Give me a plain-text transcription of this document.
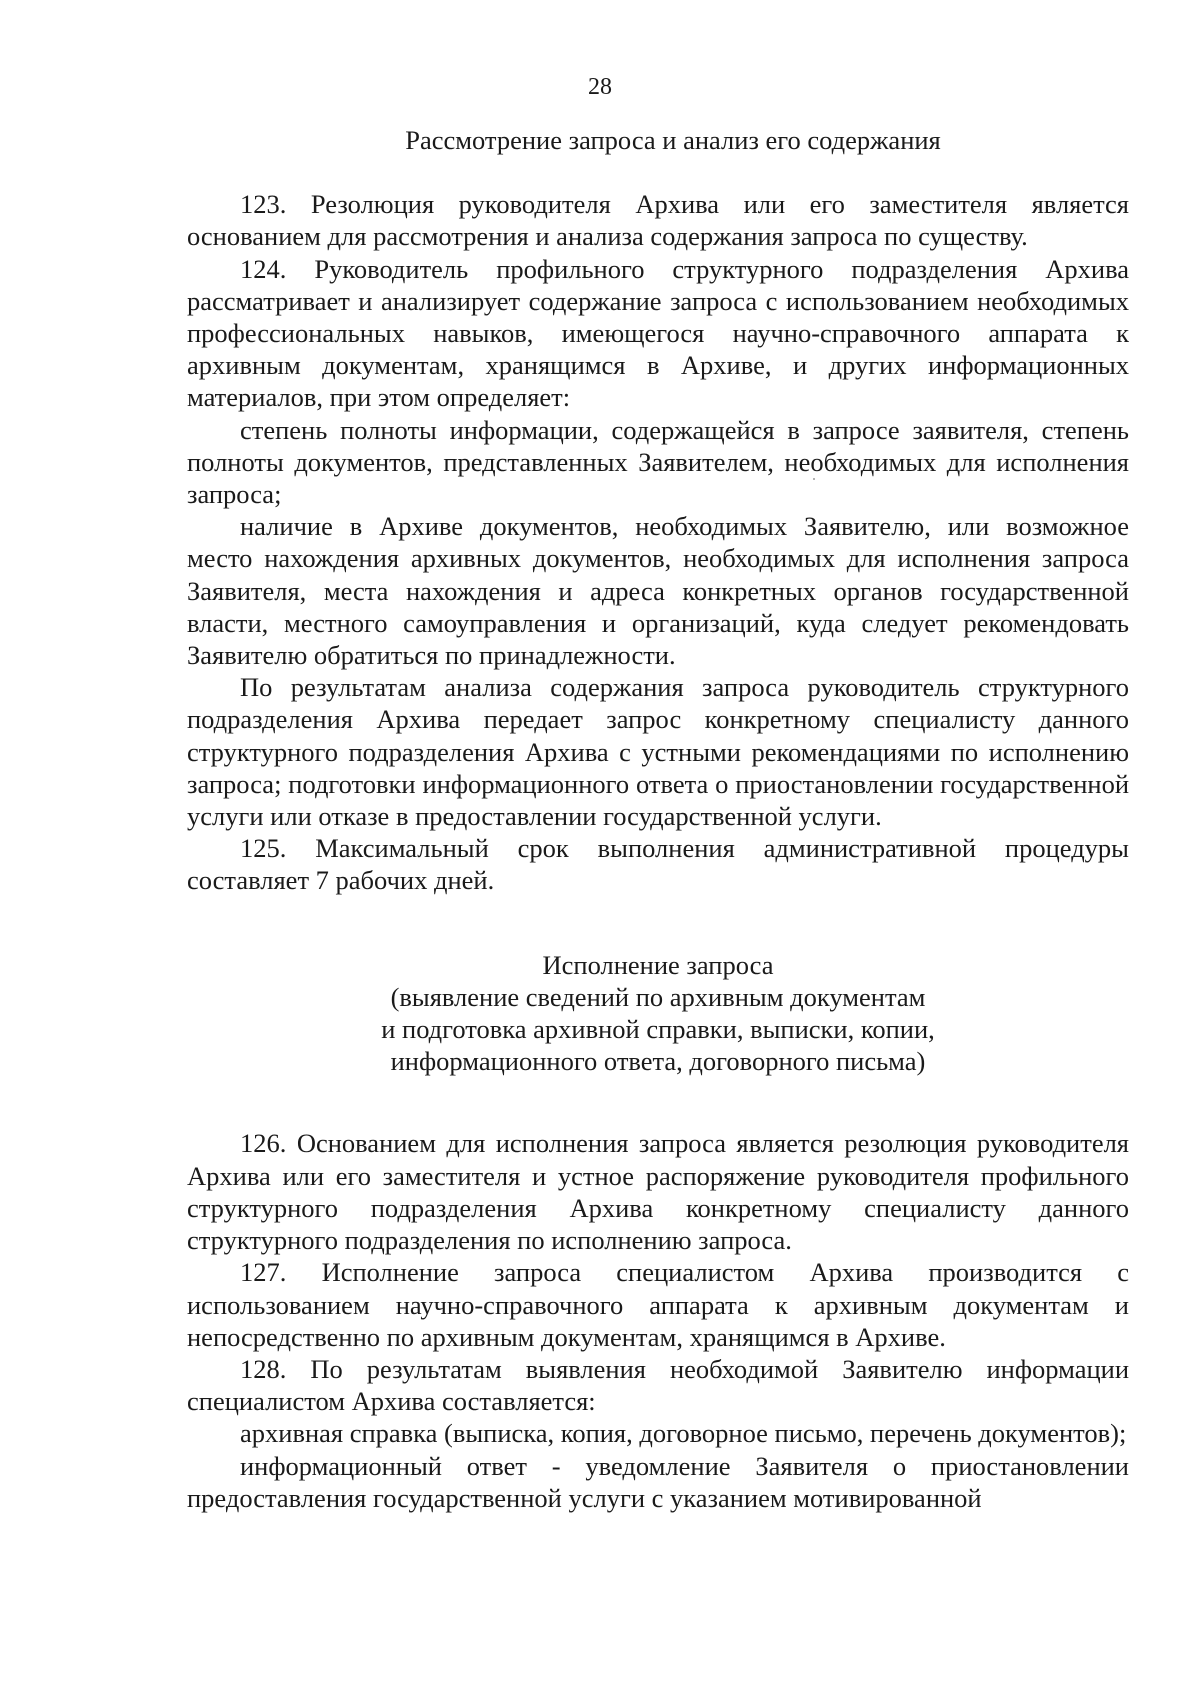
28

Рассмотрение запроса и анализ его содержания

123. Резолюция руководителя Архива или его заместителя является основанием для рассмотрения и анализа содержания запроса по существу.

124. Руководитель профильного структурного подразделения Архива рассматривает и анализирует содержание запроса с использованием необходимых профессиональных навыков, имеющегося научно-справочного аппарата к архивным документам, хранящимся в Архиве, и других информационных материалов, при этом определяет:

степень полноты информации, содержащейся в запросе заявителя, степень полноты документов, представленных Заявителем, необходимых для исполнения запроса;

наличие в Архиве документов, необходимых Заявителю, или возможное место нахождения архивных документов, необходимых для исполнения запроса Заявителя, места нахождения и адреса конкретных органов государственной власти, местного самоуправления и организаций, куда следует рекомендовать Заявителю обратиться по принадлежности.

По результатам анализа содержания запроса руководитель структурного подразделения Архива передает запрос конкретному специалисту данного структурного подразделения Архива с устными рекомендациями по исполнению запроса; подготовки информационного ответа о приостановлении государственной услуги или отказе в предоставлении государственной услуги.

125. Максимальный срок выполнения административной процедуры составляет 7 рабочих дней.

Исполнение запроса
(выявление сведений по архивным документам
и подготовка архивной справки, выписки, копии,
информационного ответа, договорного письма)

126. Основанием для исполнения запроса является резолюция руководителя Архива или его заместителя и устное распоряжение руководителя профильного структурного подразделения Архива конкретному специалисту данного структурного подразделения по исполнению запроса.

127. Исполнение запроса специалистом Архива производится с использованием научно-справочного аппарата к архивным документам и непосредственно по архивным документам, хранящимся в Архиве.

128. По результатам выявления необходимой Заявителю информации специалистом Архива составляется:

архивная справка (выписка, копия, договорное письмо, перечень документов);

информационный ответ - уведомление Заявителя о приостановлении предоставления государственной услуги с указанием мотивированной
